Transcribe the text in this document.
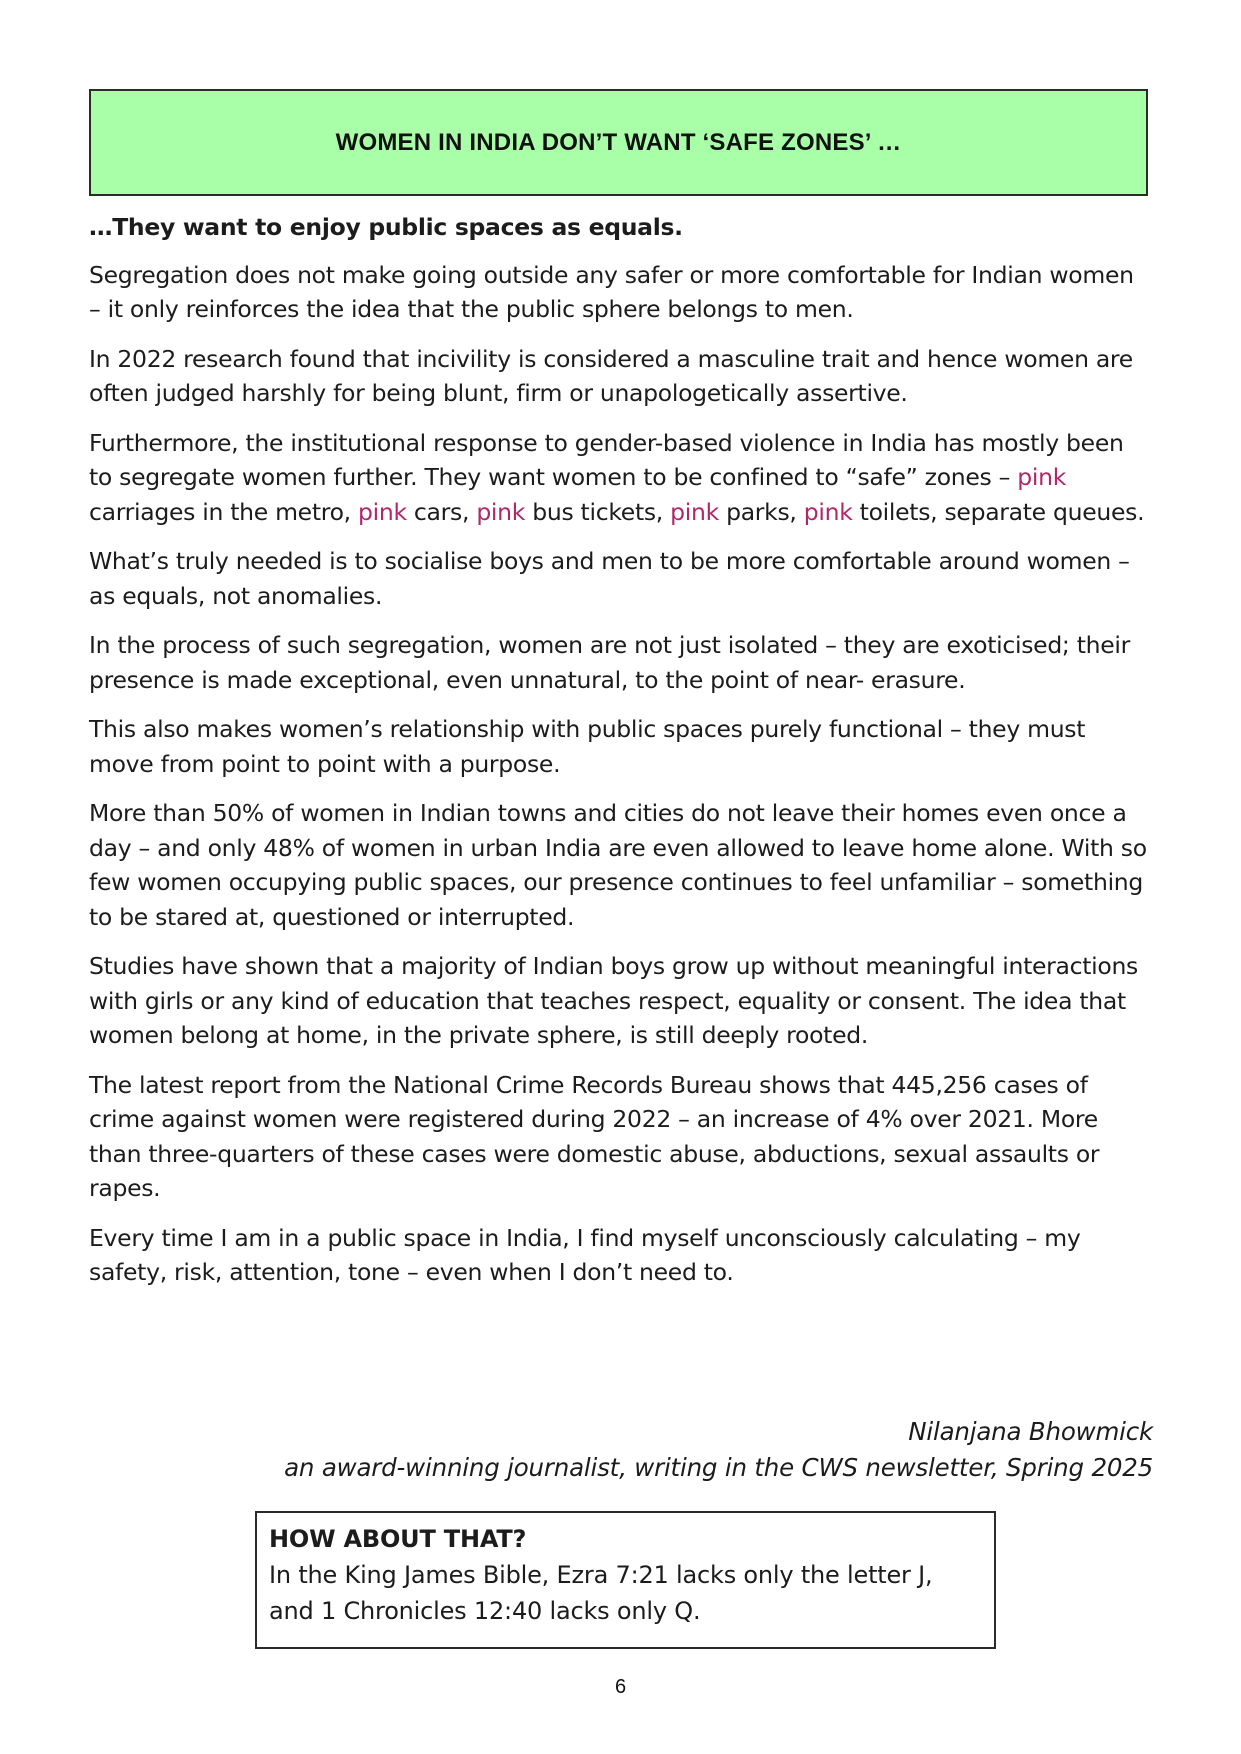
WOMEN IN INDIA DON’T WANT ‘SAFE ZONES’ …

…They want to enjoy public spaces as equals.

Segregation does not make going outside any safer or more comfortable for Indian women – it only reinforces the idea that the public sphere belongs to men.

In 2022 research found that incivility is considered a masculine trait and hence women are often judged harshly for being blunt, firm or unapologetically assertive.

Furthermore, the institutional response to gender-based violence in India has mostly been to segregate women further. They want women to be confined to “safe” zones – pink carriages in the metro, pink cars, pink bus tickets, pink parks, pink toilets, separate queues.

What’s truly needed is to socialise boys and men to be more comfortable around women – as equals, not anomalies.

In the process of such segregation, women are not just isolated – they are exoticised; their presence is made exceptional, even unnatural, to the point of near- erasure.

This also makes women’s relationship with public spaces purely functional – they must move from point to point with a purpose.

More than 50% of women in Indian towns and cities do not leave their homes even once a day – and only 48% of women in urban India are even allowed to leave home alone. With so few women occupying public spaces, our presence continues to feel unfamiliar – something to be stared at, questioned or interrupted.

Studies have shown that a majority of Indian boys grow up without meaningful interactions with girls or any kind of education that teaches respect, equality or consent. The idea that women belong at home, in the private sphere, is still deeply rooted.

The latest report from the National Crime Records Bureau shows that 445,256 cases of crime against women were registered during 2022 – an increase of 4% over 2021. More than three-quarters of these cases were domestic abuse, abductions, sexual assaults or rapes.

Every time I am in a public space in India, I find myself unconsciously calculating – my safety, risk, attention, tone – even when I don’t need to.

Nilanjana Bhowmick
an award-winning journalist, writing in the CWS newsletter, Spring 2025
HOW ABOUT THAT?
In the King James Bible, Ezra 7:21 lacks only the letter J,
and 1 Chronicles 12:40 lacks only Q.
6
